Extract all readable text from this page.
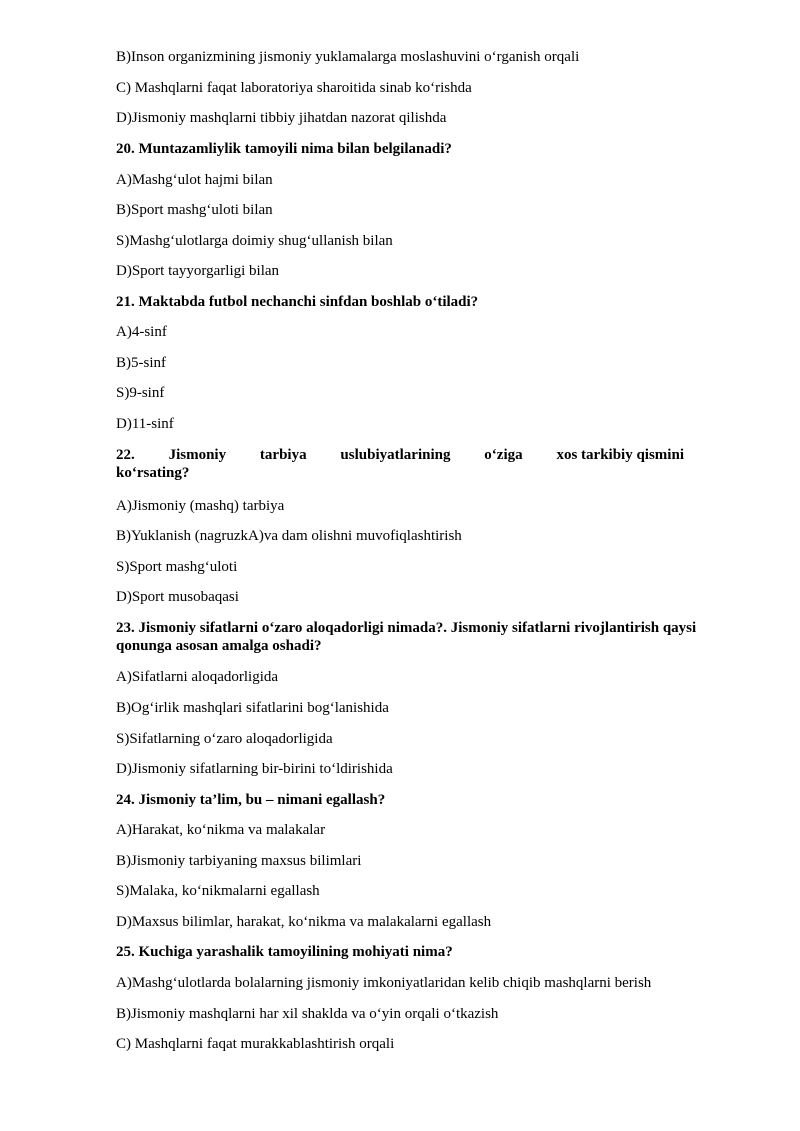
B)Inson organizmining jismoniy yuklamalarga moslashuvini o‘rganish orqali
C) Mashqlarni faqat laboratoriya sharoitida sinab ko‘rishda
D)Jismoniy mashqlarni tibbiy jihatdan nazorat qilishda
20. Muntazamliylik tamoyili nima bilan belgilanadi?
A)Mashg‘ulot hajmi bilan
B)Sport mashg‘uloti bilan
S)Mashg‘ulotlarga doimiy shug‘ullanish bilan
D)Sport tayyorgarligi bilan
21. Maktabda futbol nechanchi sinfdan boshlab o‘tiladi?
A)4-sinf
B)5-sinf
S)9-sinf
D)11-sinf
22. Jismoniy tarbiya uslubiyatlarining o‘ziga xos tarkibiy qismini
ko‘rsating?
A)Jismoniy (mashq) tarbiya
B)Yuklanish (nagruzkA)va dam olishni muvofiqlashtirish
S)Sport mashg‘uloti
D)Sport musobaqasi
23. Jismoniy sifatlarni o‘zaro aloqadorligi nimada?. Jismoniy sifatlarni rivojlantirish qaysi
qonunga asosan amalga oshadi?
A)Sifatlarni aloqadorligida
B)Og‘irlik mashqlari sifatlarini bog‘lanishida
S)Sifatlarning o‘zaro aloqadorligida
D)Jismoniy sifatlarning bir-birini to‘ldirishida
24. Jismoniy ta’lim, bu – nimani egallash?
A)Harakat, ko‘nikma va malakalar
B)Jismoniy tarbiyaning maxsus bilimlari
S)Malaka, ko‘nikmalarni egallash
D)Maxsus bilimlar, harakat, ko‘nikma va malakalarni egallash
25. Kuchiga yarashalik tamoyilining mohiyati nima?
A)Mashg‘ulotlarda bolalarning jismoniy imkoniyatlaridan kelib chiqib mashqlarni berish
B)Jismoniy mashqlarni har xil shaklda va o‘yin orqali o‘tkazish
C) Mashqlarni faqat murakkablashtirish orqali
